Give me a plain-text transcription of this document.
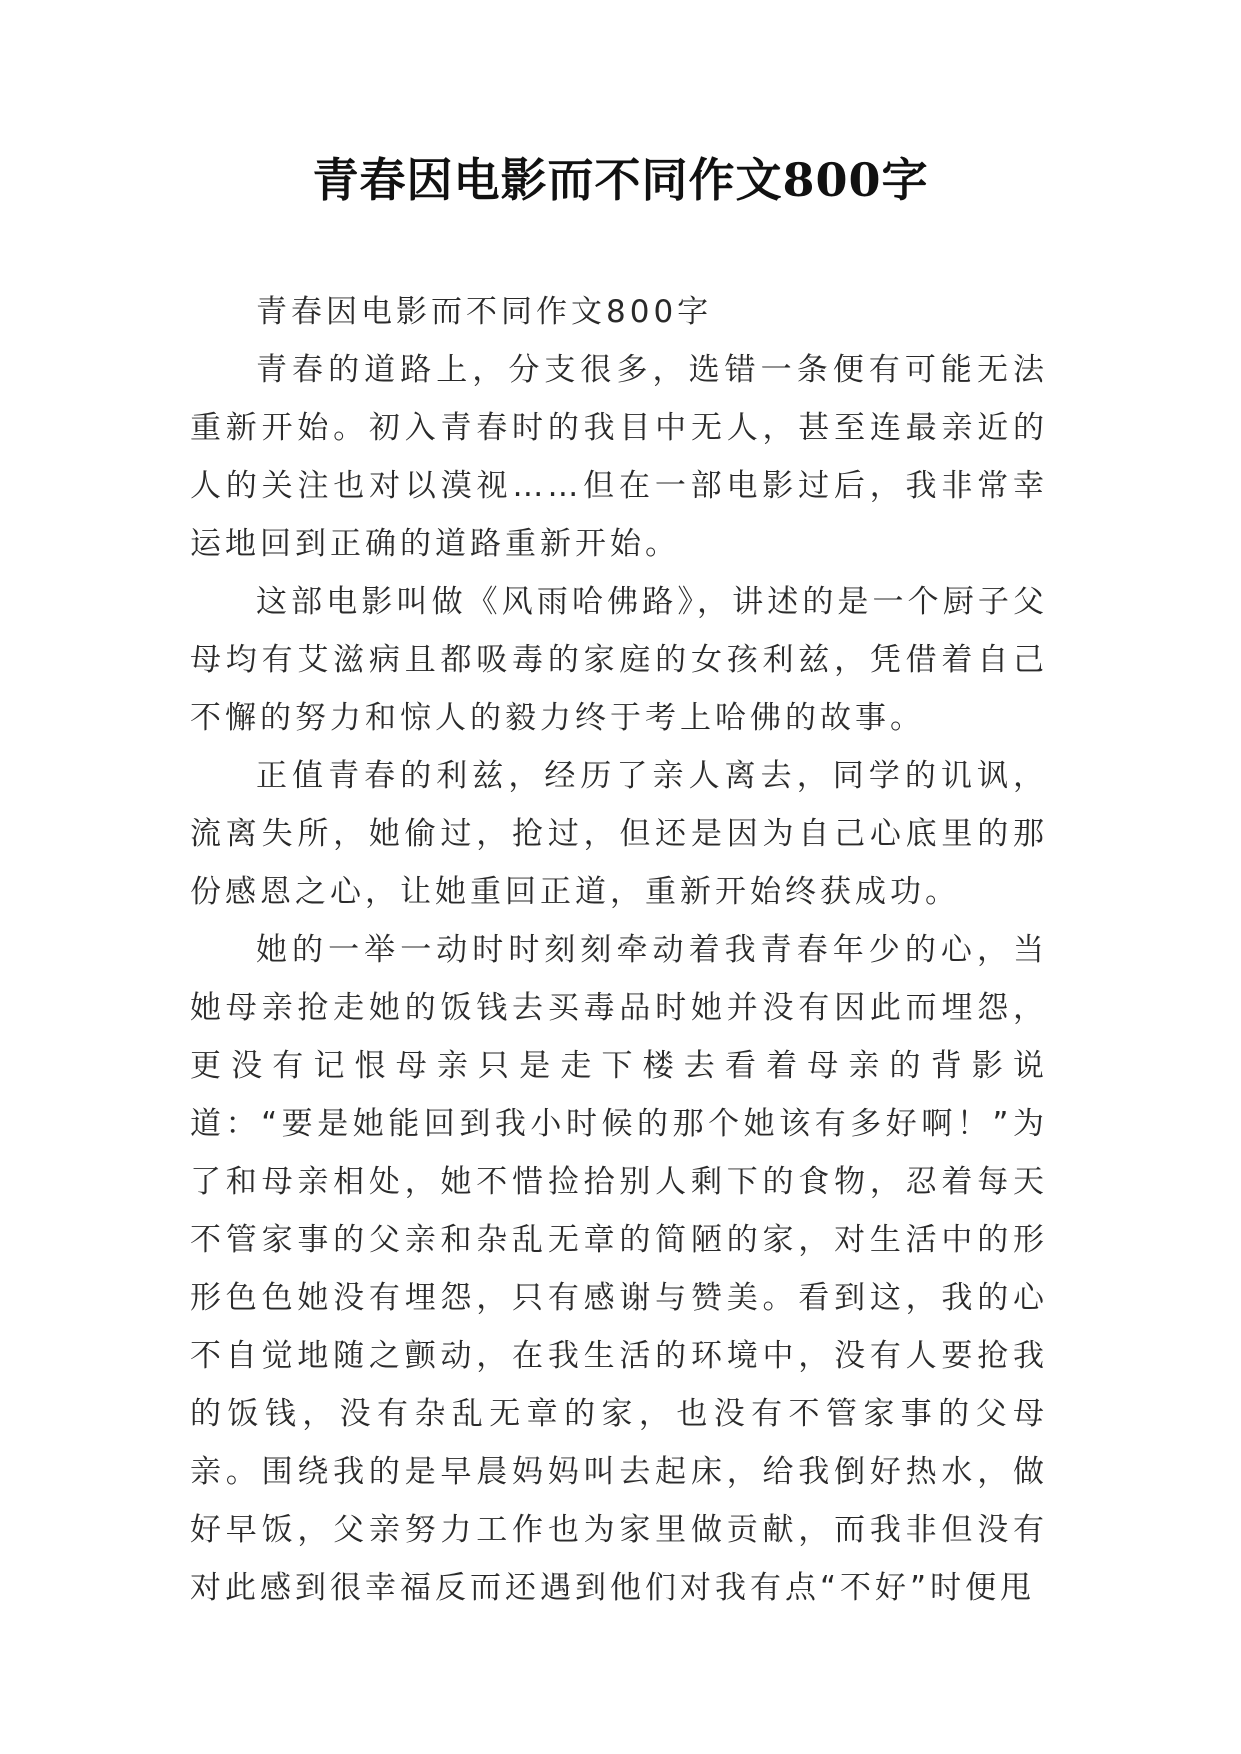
青春因电影而不同作文800字

青春因电影而不同作文800字

青春的道路上，分支很多，选错一条便有可能无法重新开始。初入青春时的我目中无人，甚至连最亲近的人的关注也对以漠视……但在一部电影过后，我非常幸运地回到正确的道路重新开始。

这部电影叫做《风雨哈佛路》，讲述的是一个厨子父母均有艾滋病且都吸毒的家庭的女孩利兹，凭借着自己不懈的努力和惊人的毅力终于考上哈佛的故事。

正值青春的利兹，经历了亲人离去，同学的讥讽，流离失所，她偷过，抢过，但还是因为自己心底里的那份感恩之心，让她重回正道，重新开始终获成功。

她的一举一动时时刻刻牵动着我青春年少的心，当她母亲抢走她的饭钱去买毒品时她并没有因此而埋怨，更没有记恨母亲只是走下楼去看着母亲的背影说道：“要是她能回到我小时候的那个她该有多好啊！”为了和母亲相处，她不惜捡拾别人剩下的食物，忍着每天不管家事的父亲和杂乱无章的简陋的家，对生活中的形形色色她没有埋怨，只有感谢与赞美。看到这，我的心不自觉地随之颤动，在我生活的环境中，没有人要抢我的饭钱，没有杂乱无章的家，也没有不管家事的父母亲。围绕我的是早晨妈妈叫去起床，给我倒好热水，做好早饭，父亲努力工作也为家里做贡献，而我非但没有对此感到很幸福反而还遇到他们对我有点“不好”时便甩
